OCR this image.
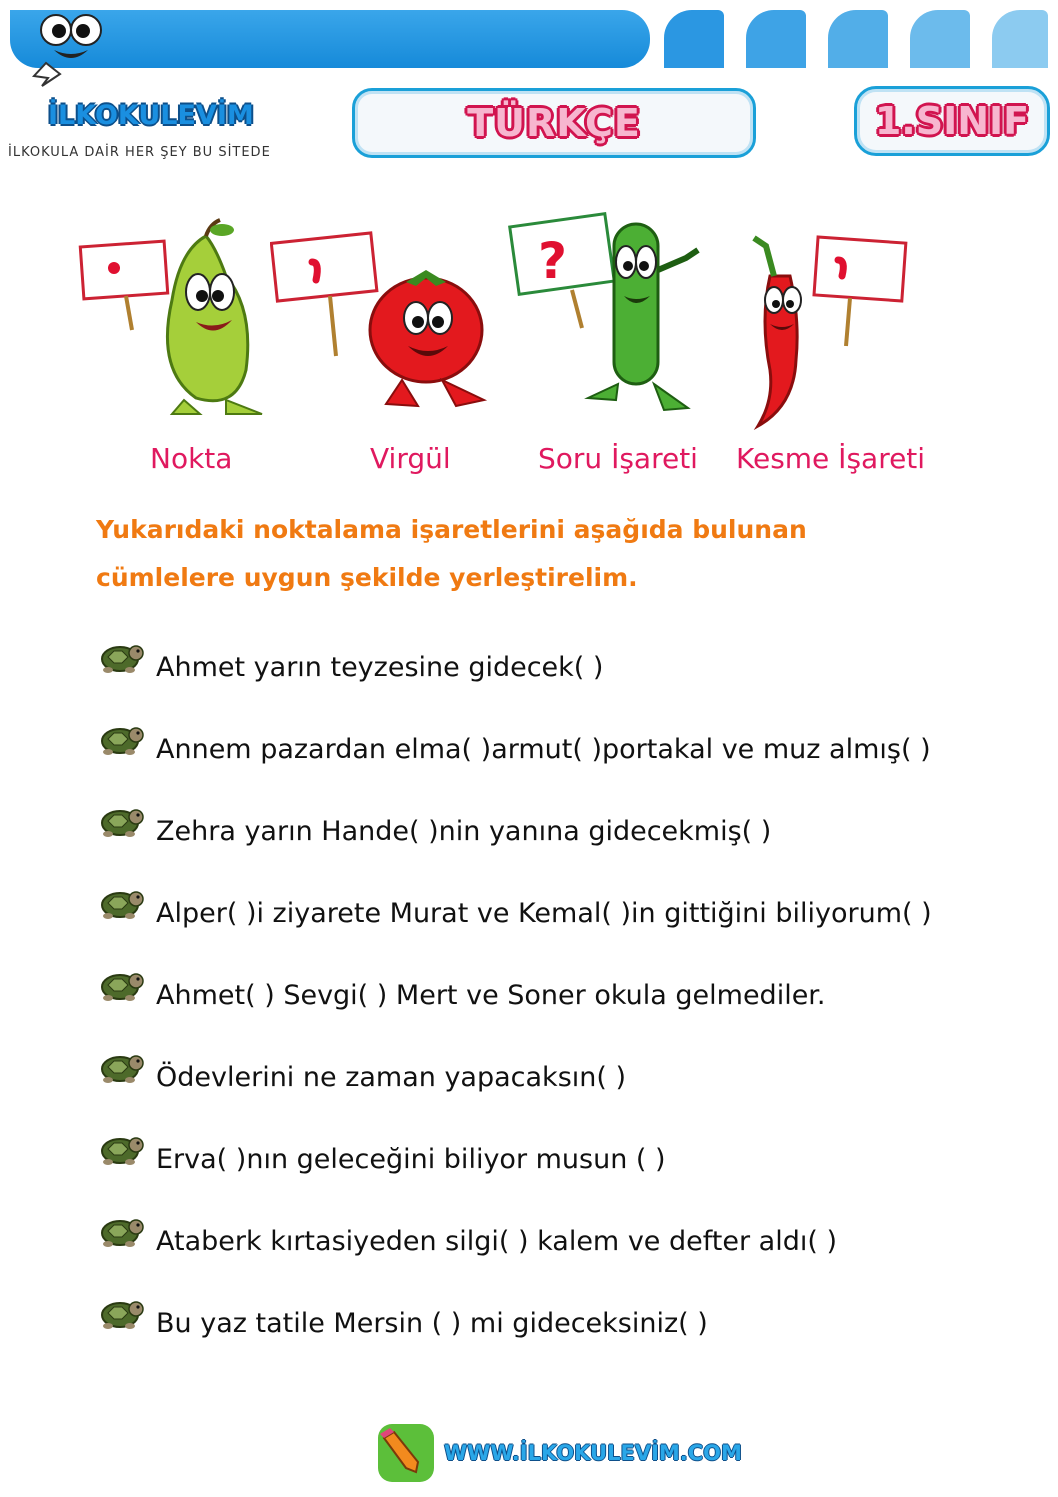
İLKOKULEVİM
İLKOKULA DAİR HER ŞEY BU SİTEDE
TÜRKÇE	1.SINIF
?
Nokta	Virgül	Soru İşareti Kesme İşareti
Yukarıdaki noktalama işaretlerini aşağıda bulunan cümlelere uygun şekilde yerleştirelim.
Ahmet yarın teyzesine gidecek( )
Annem pazardan elma( )armut( )portakal ve muz almış( )
Zehra yarın Hande( )nin yanına gidecekmiş( )
Alper( )i ziyarete Murat ve Kemal( )in gittiğini biliyorum( )
Ahmet( ) Sevgi( ) Mert ve Soner okula gelmediler.
Ödevlerini ne zaman yapacaksın( )
Erva( )nın geleceğini biliyor musun ( )
Ataberk kırtasiyeden silgi( ) kalem ve defter aldı( )
Bu yaz tatile Mersin ( ) mi gideceksiniz( )
WWW.İLKOKULEVİM.COM
